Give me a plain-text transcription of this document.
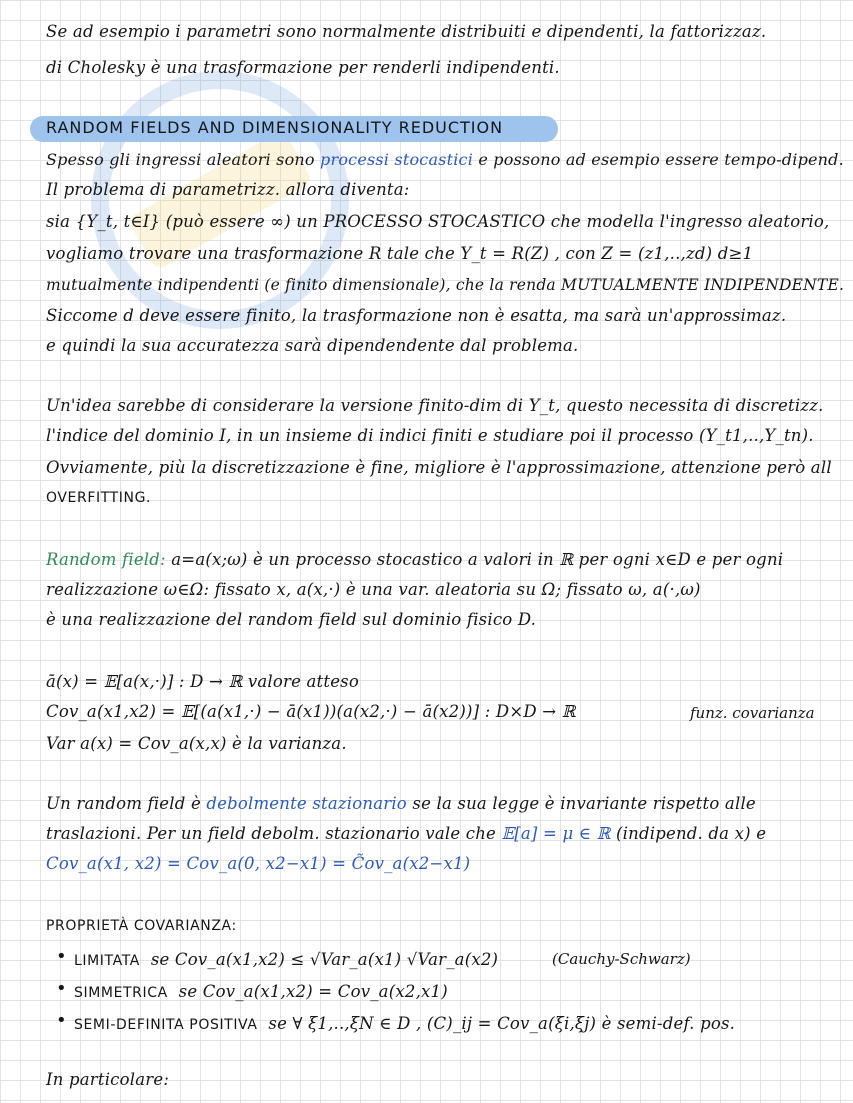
Se ad esempio i parametri sono normalmente distribuiti e dipendenti, la fattorizzaz.
di Cholesky è una trasformazione per renderli indipendenti.
RANDOM FIELDS AND DIMENSIONALITY REDUCTION
Spesso gli ingressi aleatori sono processi stocastici e possono ad esempio essere tempo-dipend.
Il problema di parametrizz. allora diventa:
sia {Y_t, t∈I} (può essere ∞) un PROCESSO STOCASTICO che modella l'ingresso aleatorio,
vogliamo trovare una trasformazione R tale che Y_t = R(Z) , con Z = (z1,..,zd) d≥1
mutualmente indipendenti (e finito dimensionale), che la renda MUTUALMENTE INDIPENDENTE.
Siccome d deve essere finito, la trasformazione non è esatta, ma sarà un'approssimaz.
e quindi la sua accuratezza sarà dipendendente dal problema.
Un'idea sarebbe di considerare la versione finito-dim di Y_t, questo necessita di discretizz.
l'indice del dominio I, in un insieme di indici finiti e studiare poi il processo (Y_t1,..,Y_tn).
Ovviamente, più la discretizzazione è fine, migliore è l'approssimazione, attenzione però all
OVERFITTING.
Random field: a=a(x;ω) è un processo stocastico a valori in ℝ per ogni x∈D e per ogni
realizzazione ω∈Ω: fissato x, a(x,·) è una var. aleatoria su Ω; fissato ω, a(·,ω)
è una realizzazione del random field sul dominio fisico D.
ā(x) = 𝔼[a(x,·)] : D → ℝ valore atteso
Cov_a(x1,x2) = 𝔼[(a(x1,·) − ā(x1))(a(x2,·) − ā(x2))] : D×D → ℝ	funz. covarianza
Var a(x) = Cov_a(x,x) è la varianza.
Un random field è debolmente stazionario se la sua legge è invariante rispetto alle
traslazioni. Per un field debolm. stazionario vale che 𝔼[a] = μ ∈ ℝ (indipend. da x) e
Cov_a(x1, x2) = Cov_a(0, x2−x1) = C̃ov_a(x2−x1)
PROPRIETÀ COVARIANZA:
• LIMITATA se Cov_a(x1,x2) ≤ √Var_a(x1) √Var_a(x2)	(Cauchy-Schwarz)
• SIMMETRICA se Cov_a(x1,x2) = Cov_a(x2,x1)
• SEMI-DEFINITA POSITIVA se ∀ ξ1,..,ξN ∈ D , (C)_ij = Cov_a(ξi,ξj) è semi-def. pos.
In particolare:
